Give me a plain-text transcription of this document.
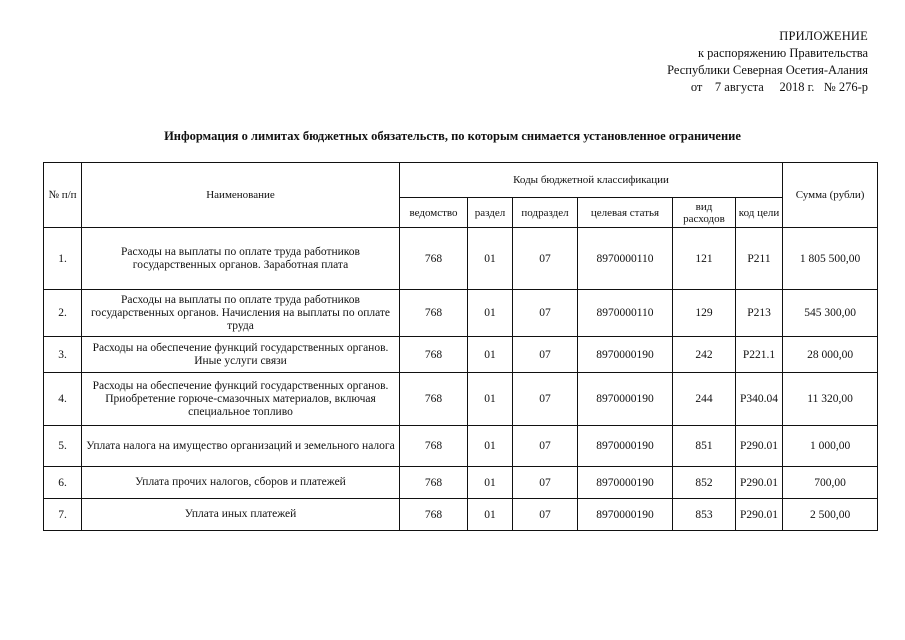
ПРИЛОЖЕНИЕ
к распоряжению Правительства
Республики Северная Осетия-Алания
от 7 августа 2018 г. № 276-р
Информация о лимитах бюджетных обязательств, по которым снимается установленное ограничение
№ п/п	Наименование	Коды бюджетной классификации						Сумма (рубли)
		ведомство	раздел	подраздел	целевая статья	вид расходов	код цели	
1.	Расходы на выплаты по оплате труда работников государственных органов. Заработная плата	768	01	07	8970000110	121	Р211	1 805 500,00
2.	Расходы на выплаты по оплате труда работников государственных органов. Начисления на выплаты по оплате труда	768	01	07	8970000110	129	Р213	545 300,00
3.	Расходы на обеспечение функций государственных органов. Иные услуги связи	768	01	07	8970000190	242	Р221.1	28 000,00
4.	Расходы на обеспечение функций государственных органов. Приобретение горюче-смазочных материалов, включая специальное топливо	768	01	07	8970000190	244	Р340.04	11 320,00
5.	Уплата налога на имущество организаций и земельного налога	768	01	07	8970000190	851	Р290.01	1 000,00
6.	Уплата прочих налогов, сборов и платежей	768	01	07	8970000190	852	Р290.01	700,00
7.	Уплата иных платежей	768	01	07	8970000190	853	Р290.01	2 500,00
